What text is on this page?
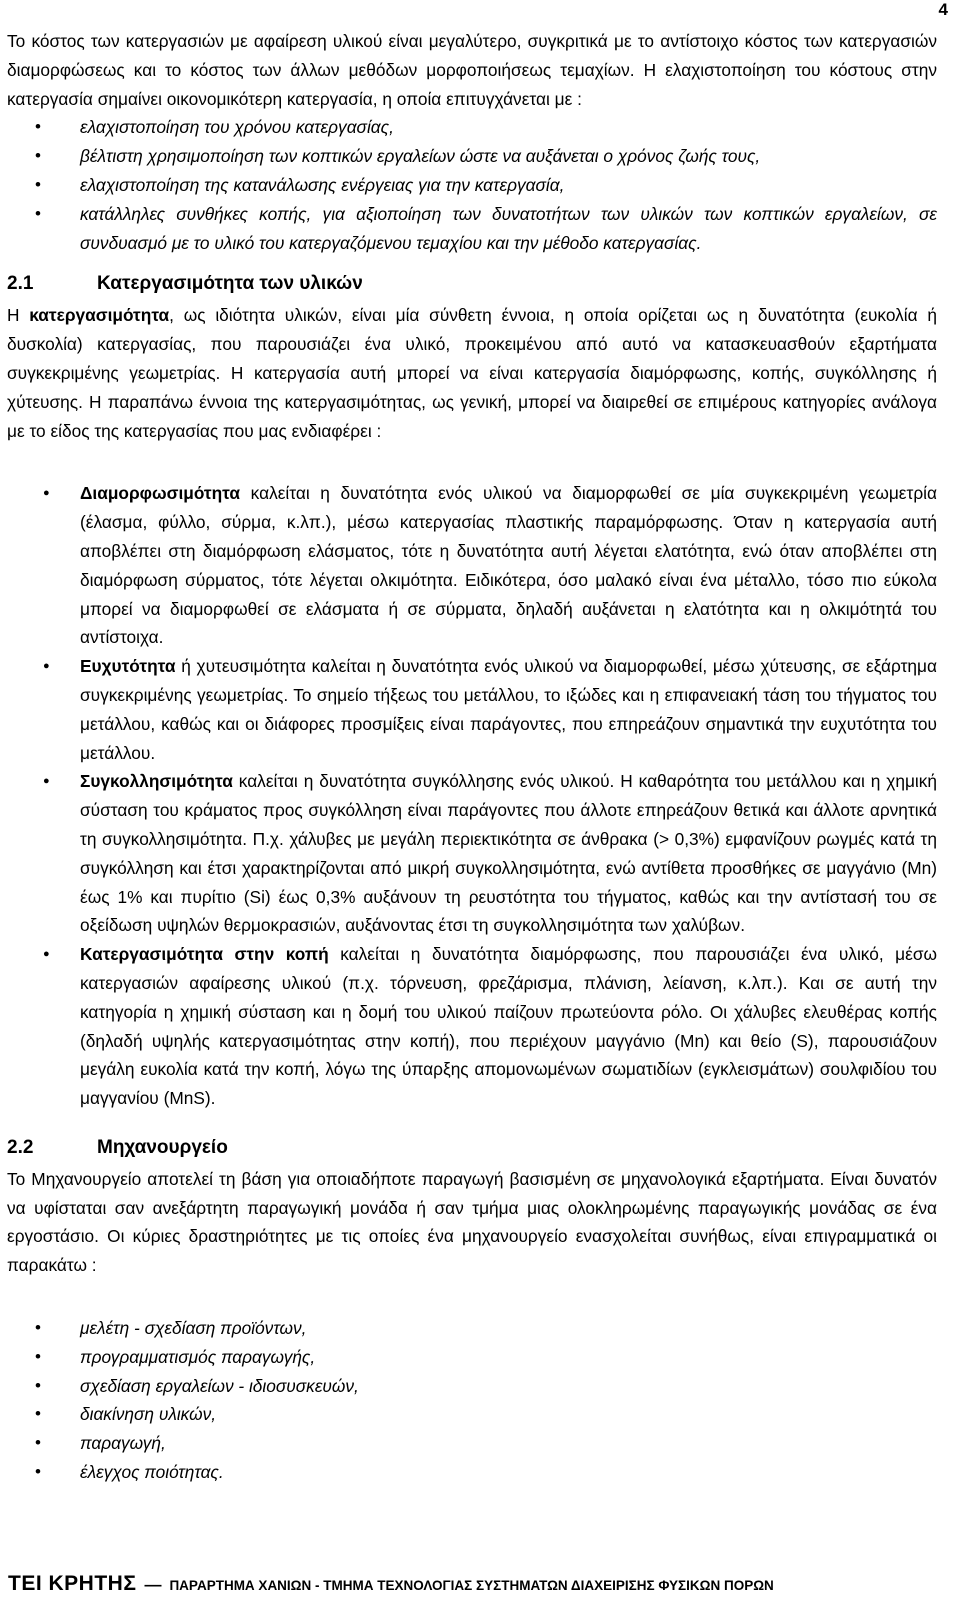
4

Το κόστος των κατεργασιών με αφαίρεση υλικού είναι μεγαλύτερο, συγκριτικά με το αντίστοιχο κόστος των κατεργασιών διαμορφώσεως και το κόστος των άλλων μεθόδων μορφοποιήσεως τεμαχίων. Η ελαχιστοποίηση του κόστους στην κατεργασία σημαίνει οικονομικότερη κατεργασία, η οποία επιτυγχάνεται με :

• ελαχιστοποίηση του χρόνου κατεργασίας,
• βέλτιστη χρησιμοποίηση των κοπτικών εργαλείων ώστε να αυξάνεται ο χρόνος ζωής τους,
• ελαχιστοποίηση της κατανάλωσης ενέργειας για την κατεργασία,
• κατάλληλες συνθήκες κοπής, για αξιοποίηση των δυνατοτήτων των υλικών των κοπτικών εργαλείων, σε συνδυασμό με το υλικό του κατεργαζόμενου τεμαχίου και την μέθοδο κατεργασίας.
2.1	Κατεργασιμότητα των υλικών

Η κατεργασιμότητα, ως ιδιότητα υλικών, είναι μία σύνθετη έννοια, η οποία ορίζεται ως η δυνατότητα (ευκολία ή δυσκολία) κατεργασίας, που παρουσιάζει ένα υλικό, προκειμένου από αυτό να κατασκευασθούν εξαρτήματα συγκεκριμένης γεωμετρίας. Η κατεργασία αυτή μπορεί να είναι κατεργασία διαμόρφωσης, κοπής, συγκόλλησης ή χύτευσης. Η παραπάνω έννοια της κατεργασιμότητας, ως γενική, μπορεί να διαιρεθεί σε επιμέρους κατηγορίες ανάλογα με το είδος της κατεργασίας που μας ενδιαφέρει :

● Διαμορφωσιμότητα καλείται η δυνατότητα ενός υλικού να διαμορφωθεί σε μία συγκεκριμένη γεωμετρία (έλασμα, φύλλο, σύρμα, κ.λπ.), μέσω κατεργασίας πλαστικής παραμόρφωσης. Όταν η κατεργασία αυτή αποβλέπει στη διαμόρφωση ελάσματος, τότε η δυνατότητα αυτή λέγεται ελατότητα, ενώ όταν αποβλέπει στη διαμόρφωση σύρματος, τότε λέγεται ολκιμότητα. Ειδικότερα, όσο μαλακό είναι ένα μέταλλο, τόσο πιο εύκολα μπορεί να διαμορφωθεί σε ελάσματα ή σε σύρματα, δηλαδή αυξάνεται η ελατότητα και η ολκιμότητά του αντίστοιχα.
● Ευχυτότητα ή χυτευσιμότητα καλείται η δυνατότητα ενός υλικού να διαμορφωθεί, μέσω χύτευσης, σε εξάρτημα συγκεκριμένης γεωμετρίας. Το σημείο τήξεως του μετάλλου, το ιξώδες και η επιφανειακή τάση του τήγματος του μετάλλου, καθώς και οι διάφορες προσμίξεις είναι παράγοντες, που επηρεάζουν σημαντικά την ευχυτότητα του μετάλλου.
● Συγκολλησιμότητα καλείται η δυνατότητα συγκόλλησης ενός υλικού. Η καθαρότητα του μετάλλου και η χημική σύσταση του κράματος προς συγκόλληση είναι παράγοντες που άλλοτε επηρεάζουν θετικά και άλλοτε αρνητικά τη συγκολλησιμότητα. Π.χ. χάλυβες με μεγάλη περιεκτικότητα σε άνθρακα (> 0,3%) εμφανίζουν ρωγμές κατά τη συγκόλληση και έτσι χαρακτηρίζονται από μικρή συγκολλησιμότητα, ενώ αντίθετα προσθήκες σε μαγγάνιο (Mn) έως 1% και πυρίτιο (Si) έως 0,3% αυξάνουν τη ρευστότητα του τήγματος, καθώς και την αντίστασή του σε οξείδωση υψηλών θερμοκρασιών, αυξάνοντας έτσι τη συγκολλησιμότητα των χαλύβων.
● Κατεργασιμότητα στην κοπή καλείται η δυνατότητα διαμόρφωσης, που παρουσιάζει ένα υλικό, μέσω κατεργασιών αφαίρεσης υλικού (π.χ. τόρνευση, φρεζάρισμα, πλάνιση, λείανση, κ.λπ.). Και σε αυτή την κατηγορία η χημική σύσταση και η δομή του υλικού παίζουν πρωτεύοντα ρόλο. Οι χάλυβες ελευθέρας κοπής (δηλαδή υψηλής κατεργασιμότητας στην κοπή), που περιέχουν μαγγάνιο (Mn) και θείο (S), παρουσιάζουν μεγάλη ευκολία κατά την κοπή, λόγω της ύπαρξης απομονωμένων σωματιδίων (εγκλεισμάτων) σουλφιδίου του μαγγανίου (MnS).
2.2	Μηχανουργείο

Το Μηχανουργείο αποτελεί τη βάση για οποιαδήποτε παραγωγή βασισμένη σε μηχανολογικά εξαρτήματα. Είναι δυνατόν να υφίσταται σαν ανεξάρτητη παραγωγική μονάδα ή σαν τμήμα μιας ολοκληρωμένης παραγωγικής μονάδας σε ένα εργοστάσιο. Οι κύριες δραστηριότητες με τις οποίες ένα μηχανουργείο ενασχολείται συνήθως, είναι επιγραμματικά οι παρακάτω :

• μελέτη - σχεδίαση προϊόντων,
• προγραμματισμός παραγωγής,
• σχεδίαση εργαλείων - ιδιοσυσκευών,
• διακίνηση υλικών,
• παραγωγή,
• έλεγχος ποιότητας.
ΤΕΙ ΚΡΗΤΗΣ — ΠΑΡΑΡΤΗΜΑ ΧΑΝΙΩΝ - ΤΜΗΜΑ ΤΕΧΝΟΛΟΓΙΑΣ ΣΥΣΤΗΜΑΤΩΝ ΔΙΑΧΕΙΡΙΣΗΣ ΦΥΣΙΚΩΝ ΠΟΡΩΝ
